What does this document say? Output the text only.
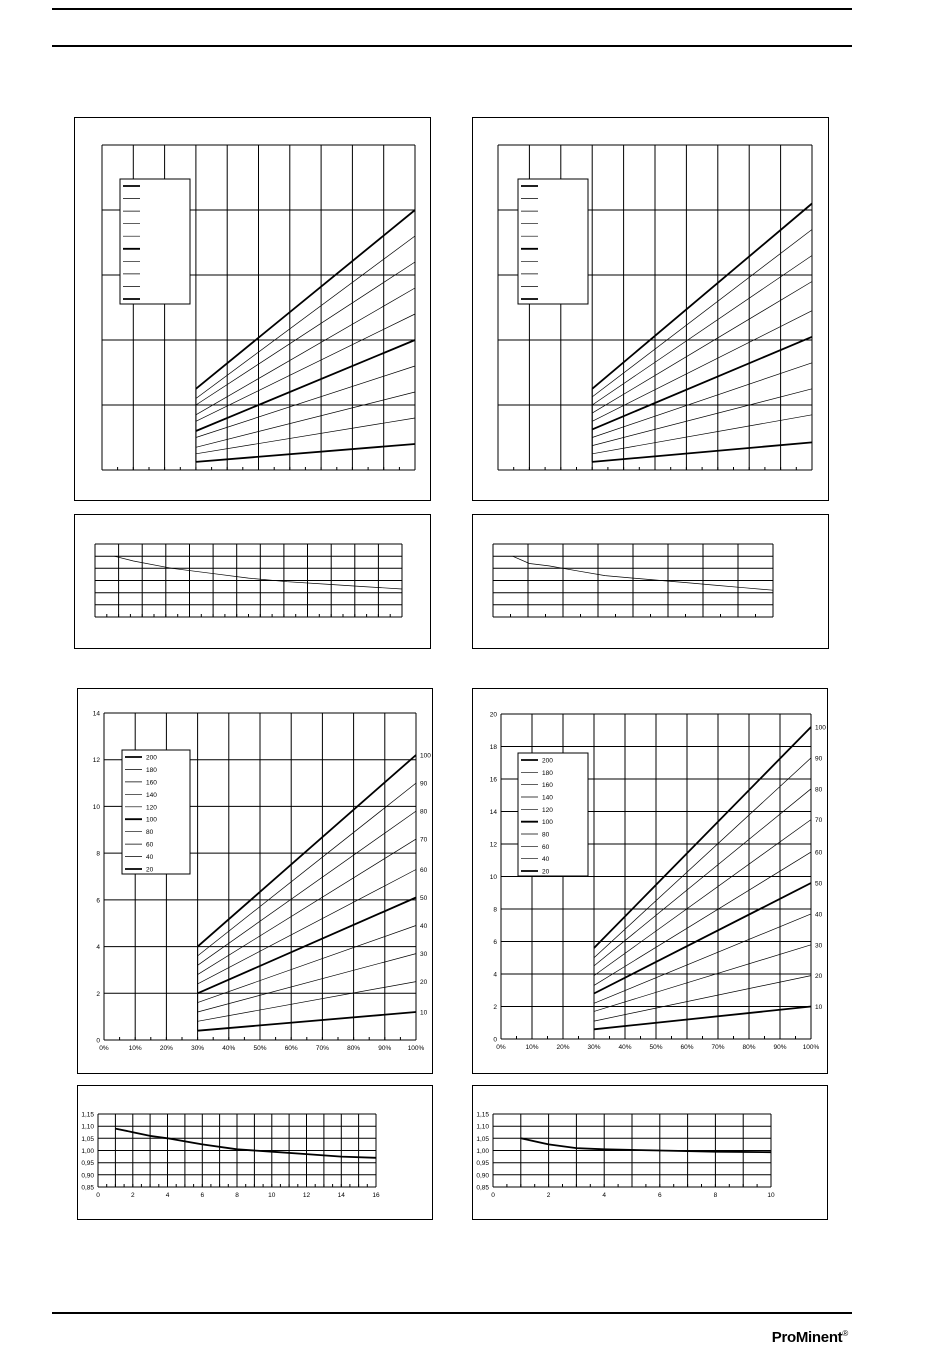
200
180
160
140
120
100
80
60
40
20
100
90
80
70
60
50
40
30
20
10
0
2
4
6
8
10
12
14
0%	10%	20%	30%	40%	50%	60%	70%	80%	90%	100%
200
180
160
140
120
100
80
60
40
20
100
90
80
70
60
50
40
30
20
10
0
2
4
6
8
10
12
14
16
18
20
0%	10%	20%	30%	40%	50%	60%	70%	80%	90% 100%
0,85
0,90
0,95
1,00
1,05
1,10
1,15
0	2	4	6	8	10	12	14	16
0,85
0,90
0,95
1,00
1,05
1,10
1,15
0	2	4	6	8	10
ProMinent®
